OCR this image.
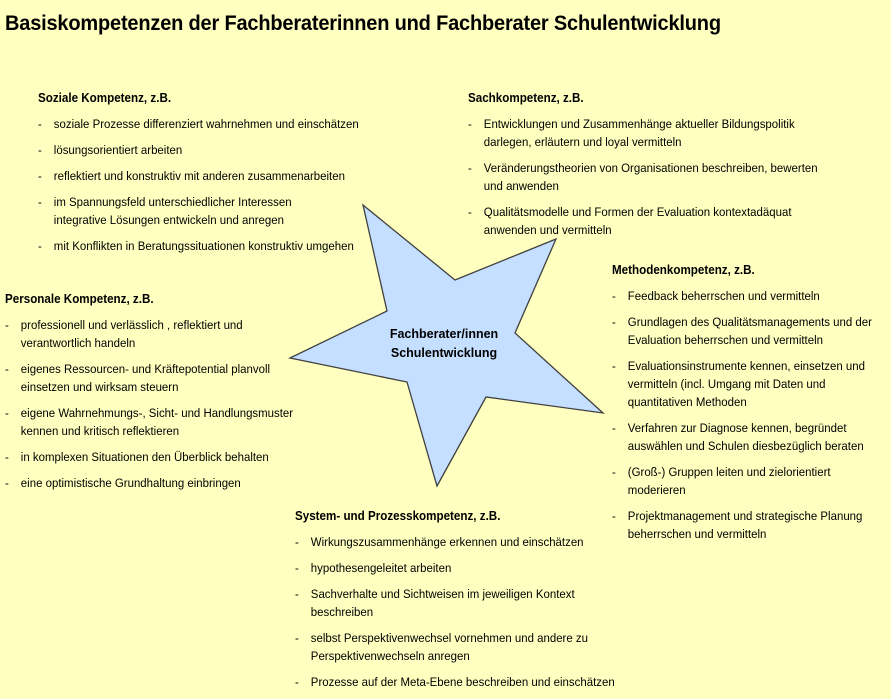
Basiskompetenzen der Fachberaterinnen und Fachberater Schulentwicklung
Fachberater/innen
Schulentwicklung
Soziale Kompetenz, z.B.
- soziale Prozesse differenziert wahrnehmen und einschätzen
- lösungsorientiert arbeiten
- reflektiert und konstruktiv mit anderen zusammenarbeiten
- im Spannungsfeld unterschiedlicher Interessen integrative Lösungen entwickeln und anregen
- mit Konflikten in Beratungssituationen konstruktiv umgehen
Sachkompetenz, z.B.
- Entwicklungen und Zusammenhänge aktueller Bildungspolitik darlegen, erläutern und loyal vermitteln
- Veränderungstheorien von Organisationen beschreiben, bewerten und anwenden
- Qualitätsmodelle und Formen der Evaluation kontextadäquat anwenden und vermitteln
Personale Kompetenz, z.B.
- professionell und verlässlich , reflektiert und verantwortlich handeln
- eigenes Ressourcen- und Kräftepotential planvoll einsetzen und wirksam steuern
- eigene Wahrnehmungs-, Sicht- und Handlungsmuster kennen und kritisch reflektieren
- in komplexen Situationen den Überblick behalten
- eine optimistische Grundhaltung einbringen
Methodenkompetenz, z.B.
- Feedback beherrschen und vermitteln
- Grundlagen des Qualitätsmanagements und der Evaluation beherrschen und vermitteln
- Evaluationsinstrumente kennen, einsetzen und vermitteln (incl. Umgang mit Daten und quantitativen Methoden
- Verfahren zur Diagnose kennen, begründet auswählen und Schulen diesbezüglich beraten
- (Groß-) Gruppen leiten und zielorientiert moderieren
- Projektmanagement und strategische Planung beherrschen und vermitteln
System- und Prozesskompetenz, z.B.
- Wirkungszusammenhänge erkennen und einschätzen
- hypothesengeleitet arbeiten
- Sachverhalte und Sichtweisen im jeweiligen Kontext beschreiben
- selbst Perspektivenwechsel vornehmen und andere zu Perspektivenwechseln anregen
- Prozesse auf der Meta-Ebene beschreiben und einschätzen
